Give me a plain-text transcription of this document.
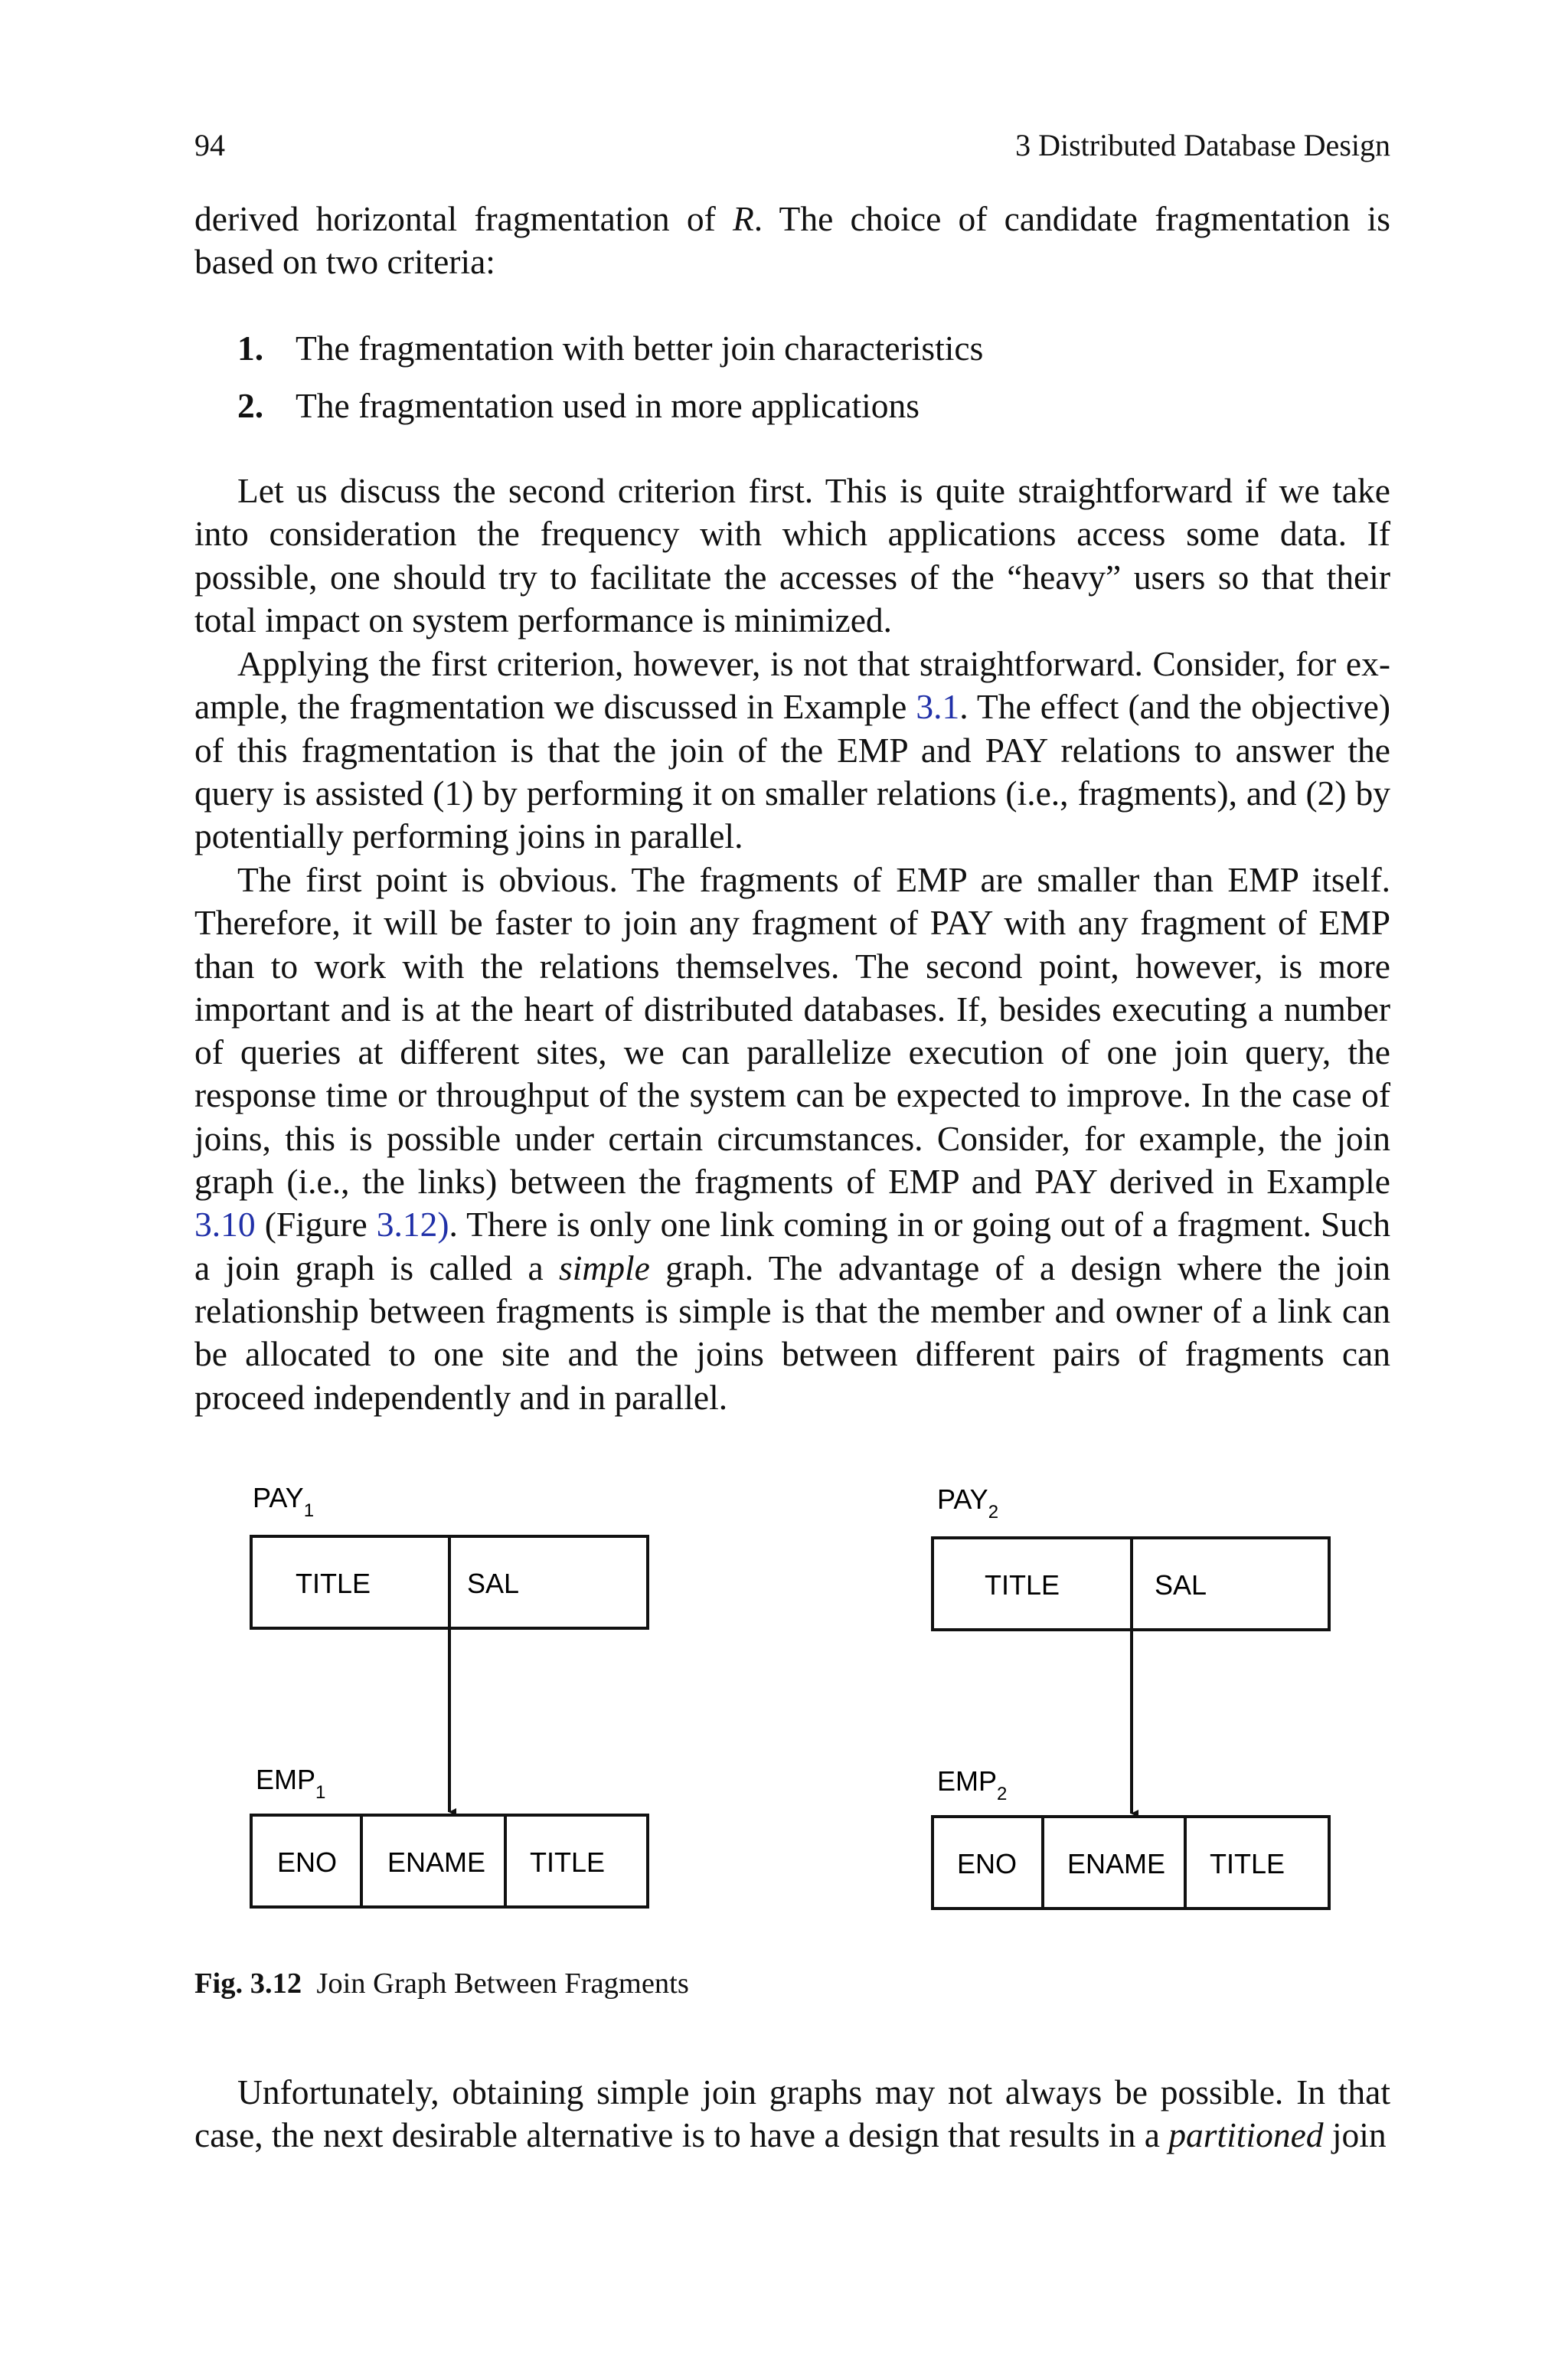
94	3 Distributed Database Design

derived horizontal fragmentation of R. The choice of candidate fragmentation is based on two criteria:

1. The fragmentation with better join characteristics
2. The fragmentation used in more applications

Let us discuss the second criterion first. This is quite straightforward if we take into consideration the frequency with which applications access some data. If possible, one should try to facilitate the accesses of the “heavy” users so that their total impact on system performance is minimized.

Applying the first criterion, however, is not that straightforward. Consider, for example, the fragmentation we discussed in Example 3.1. The effect (and the objective) of this fragmentation is that the join of the EMP and PAY relations to answer the query is assisted (1) by performing it on smaller relations (i.e., fragments), and (2) by potentially performing joins in parallel.

The first point is obvious. The fragments of EMP are smaller than EMP itself. Therefore, it will be faster to join any fragment of PAY with any fragment of EMP than to work with the relations themselves. The second point, however, is more important and is at the heart of distributed databases. If, besides executing a number of queries at different sites, we can parallelize execution of one join query, the response time or throughput of the system can be expected to improve. In the case of joins, this is possible under certain circumstances. Consider, for example, the join graph (i.e., the links) between the fragments of EMP and PAY derived in Example 3.10 (Figure 3.12). There is only one link coming in or going out of a fragment. Such a join graph is called a simple graph. The advantage of a design where the join relationship between fragments is simple is that the member and owner of a link can be allocated to one site and the joins between different pairs of fragments can proceed independently and in parallel.

$PAY_1$
TITLE	SAL
$EMP_1$
ENO ENAME TITLE
$PAY_2$
TITLE	SAL
$EMP_2$
ENO ENAME TITLE
Fig. 3.12 Join Graph Between Fragments

Unfortunately, obtaining simple join graphs may not always be possible. In that case, the next desirable alternative is to have a design that results in a partitioned join
